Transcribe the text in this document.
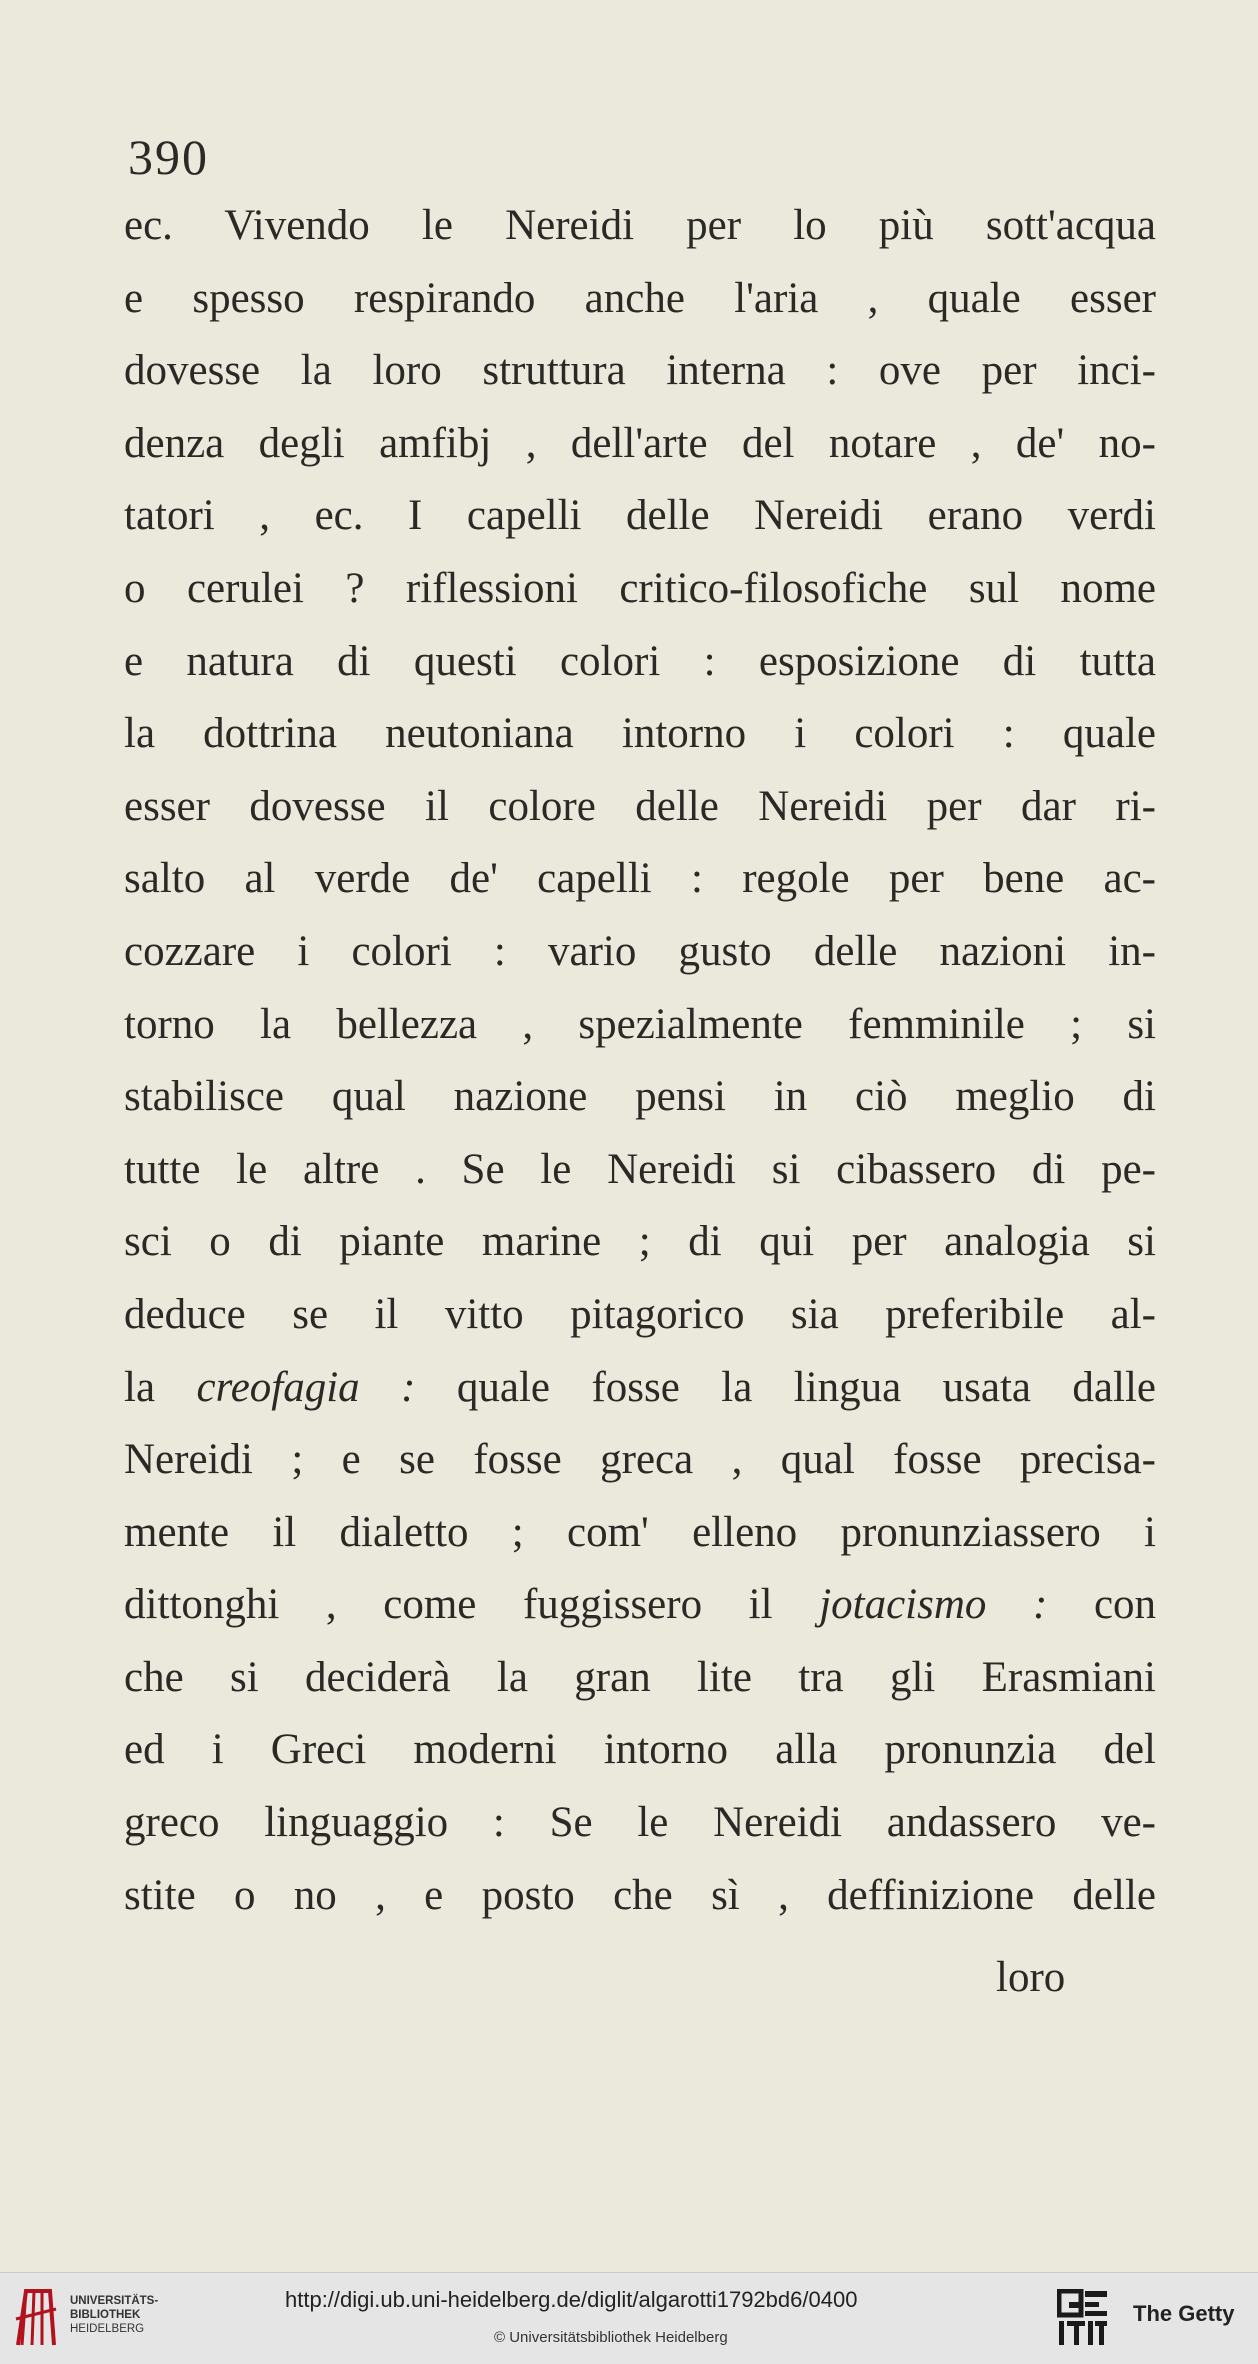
390
ec. Vivendo le Nereidi per lo più sott'acqua
e spesso respirando anche l'aria , quale esser
dovesse la loro struttura interna : ove per inci-
denza degli amfibj , dell'arte del notare , de' no-
tatori , ec. I capelli delle Nereidi erano verdi
o cerulei ? riflessioni critico-filosofiche sul nome
e natura di questi colori : esposizione di tutta
la dottrina neutoniana intorno i colori : quale
esser dovesse il colore delle Nereidi per dar ri-
salto al verde de' capelli : regole per bene ac-
cozzare i colori : vario gusto delle nazioni in-
torno la bellezza , spezialmente femminile ; si
stabilisce qual nazione pensi in ciò meglio di
tutte le altre . Se le Nereidi si cibassero di pe-
sci o di piante marine ; di qui per analogia si
deduce se il vitto pitagorico sia preferibile al-
la creofagia : quale fosse la lingua usata dalle
Nereidi ; e se fosse greca , qual fosse precisa-
mente il dialetto ; com' elleno pronunziassero i
dittonghi , come fuggissero il jotacismo : con
che si deciderà la gran lite tra gli Erasmiani
ed i Greci moderni intorno alla pronunzia del
greco linguaggio : Se le Nereidi andassero ve-
stite o no , e posto che sì , deffinizione delle
loro
UNIVERSITÄTS-
BIBLIOTHEK
HEIDELBERG
http://digi.ub.uni-heidelberg.de/diglit/algarotti1792bd6/0400
© Universitätsbibliothek Heidelberg
The Getty
